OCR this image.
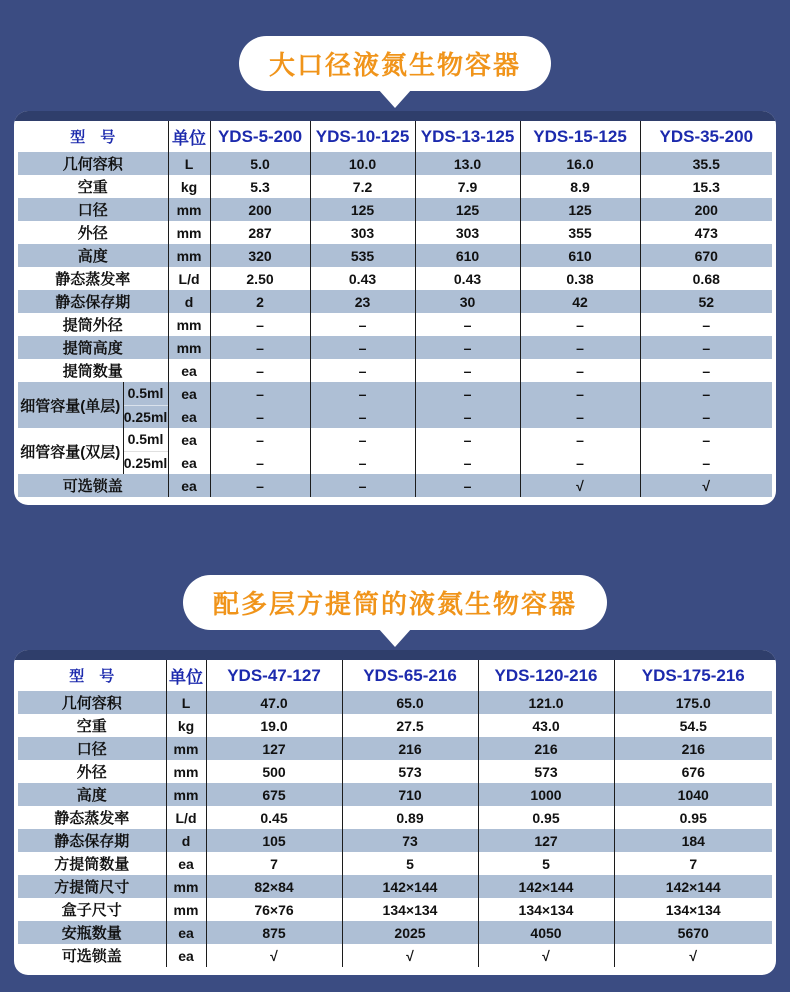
大口径液氮生物容器
型　号		单位	YDS-5-200	YDS-10-125	YDS-13-125	YDS-15-125	YDS-35-200
几何容积		L	5.0	10.0	13.0	16.0	35.5
空重		kg	5.3	7.2	7.9	8.9	15.3
口径		mm	200	125	125	125	200
外径		mm	287	303	303	355	473
高度		mm	320	535	610	610	670
静态蒸发率		L/d	2.50	0.43	0.43	0.38	0.68
静态保存期		d	2	23	30	42	52
提筒外径		mm	–	–	–	–	–
提筒高度		mm	–	–	–	–	–
提筒数量		ea	–	–	–	–	–
细管容量(单层)	0.5ml	ea	–	–	–	–	–
	0.25ml	ea	–	–	–	–	–
细管容量(双层)	0.5ml	ea	–	–	–	–	–
	0.25ml	ea	–	–	–	–	–
可选锁盖		ea	–	–	–	√	√
配多层方提筒的液氮生物容器
型　号	单位	YDS-47-127	YDS-65-216	YDS-120-216	YDS-175-216
几何容积	L	47.0	65.0	121.0	175.0
空重	kg	19.0	27.5	43.0	54.5
口径	mm	127	216	216	216
外径	mm	500	573	573	676
高度	mm	675	710	1000	1040
静态蒸发率	L/d	0.45	0.89	0.95	0.95
静态保存期	d	105	73	127	184
方提筒数量	ea	7	5	5	7
方提筒尺寸	mm	82×84	142×144	142×144	142×144
盒子尺寸	mm	76×76	134×134	134×134	134×134
安瓶数量	ea	875	2025	4050	5670
可选锁盖	ea	√	√	√	√
